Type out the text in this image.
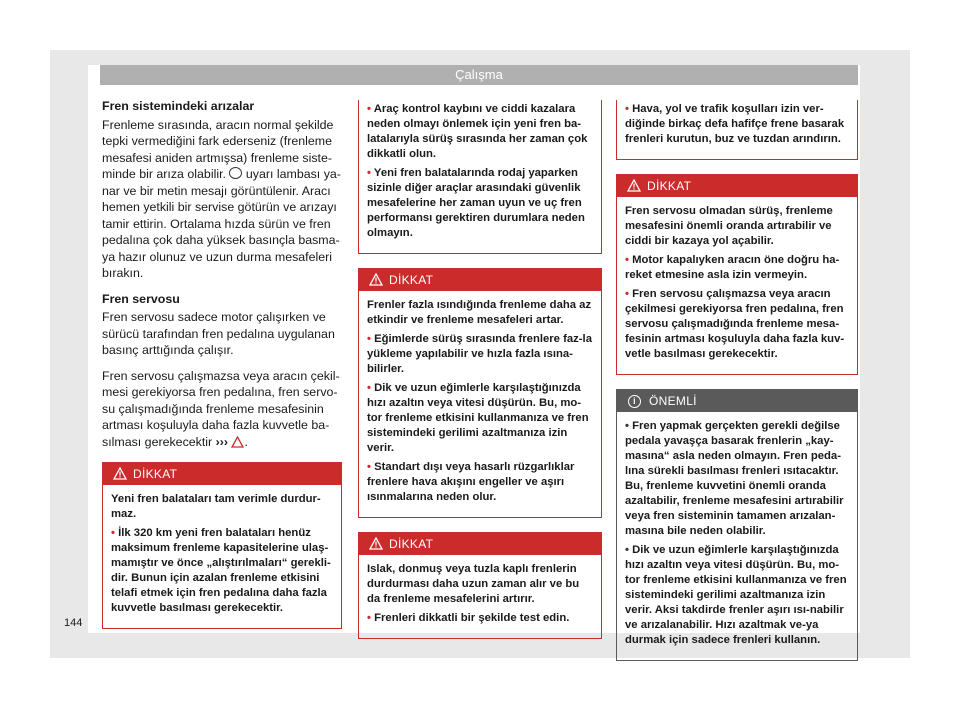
Çalışma
Fren sistemindeki arızalar

Frenleme sırasında, aracın normal şekilde tepki vermediğini fark ederseniz (frenleme mesafesi aniden artmışsa) frenleme siste-minde bir arıza olabilir. uyarı lambası ya-nar ve bir metin mesajı görüntülenir. Aracı hemen yetkili bir servise götürün ve arızayı tamir ettirin. Ortalama hızda sürün ve fren pedalına çok daha yüksek basınçla basma-ya hazır olunuz ve uzun durma mesafeleri bırakın.

Fren servosu

Fren servosu sadece motor çalışırken ve sürücü tarafından fren pedalına uygulanan basınç arttığında çalışır.

Fren servosu çalışmazsa veya aracın çekil-mesi gerekiyorsa fren pedalına, fren servo-su çalışmadığında frenleme mesafesinin artması koşuluyla daha fazla kuvvetle ba-sılması gerekecektir ››› .

DİKKAT

Yeni fren balataları tam verimle durdur-maz.

• İlk 320 km yeni fren balataları henüz maksimum frenleme kapasitelerine ulaş-mamıştır ve önce „alıştırılmaları“ gerekli-dir. Bunun için azalan frenleme etkisini telafi etmek için fren pedalına daha fazla kuvvetle basılması gerekecektir.

• Araç kontrol kaybını ve ciddi kazalara neden olmayı önlemek için yeni fren ba-latalarıyla sürüş sırasında her zaman çok dikkatli olun.

• Yeni fren balatalarında rodaj yaparken sizinle diğer araçlar arasındaki güvenlik mesafelerine her zaman uyun ve uç fren performansı gerektiren durumlara neden olmayın.

DİKKAT

Frenler fazla ısındığında frenleme daha az etkindir ve frenleme mesafeleri artar.

• Eğimlerde sürüş sırasında frenlere faz-la yükleme yapılabilir ve hızla fazla ısına-bilirler.

• Dik ve uzun eğimlerle karşılaştığınızda hızı azaltın veya vitesi düşürün. Bu, mo-tor frenleme etkisini kullanmanıza ve fren sistemindeki gerilimi azaltmanıza izin verir.

• Standart dışı veya hasarlı rüzgarlıklar frenlere hava akışını engeller ve aşırı ısınmalarına neden olur.

DİKKAT

Islak, donmuş veya tuzla kaplı frenlerin durdurması daha uzun zaman alır ve bu da frenleme mesafelerini artırır.

• Frenleri dikkatli bir şekilde test edin.

• Hava, yol ve trafik koşulları izin ver-diğinde birkaç defa hafifçe frene basarak frenleri kurutun, buz ve tuzdan arındırın.

DİKKAT

Fren servosu olmadan sürüş, frenleme mesafesini önemli oranda artırabilir ve ciddi bir kazaya yol açabilir.

• Motor kapalıyken aracın öne doğru ha-reket etmesine asla izin vermeyin.

• Fren servosu çalışmazsa veya aracın çekilmesi gerekiyorsa fren pedalına, fren servosu çalışmadığında frenleme mesa-fesinin artması koşuluyla daha fazla kuv-vetle basılması gerekecektir.

i	ÖNEMLİ

• Fren yapmak gerçekten gerekli değilse pedala yavaşça basarak frenlerin „kay-masına“ asla neden olmayın. Fren peda-lına sürekli basılması frenleri ısıtacaktır. Bu, frenleme kuvvetini önemli oranda azaltabilir, frenleme mesafesini artırabilir veya fren sisteminin tamamen arızalan-masına bile neden olabilir.

• Dik ve uzun eğimlerle karşılaştığınızda hızı azaltın veya vitesi düşürün. Bu, mo-tor frenleme etkisini kullanmanıza ve fren sistemindeki gerilimi azaltmanıza izin verir. Aksi takdirde frenler aşırı ısı-nabilir ve arızalanabilir. Hızı azaltmak ve-ya durmak için sadece frenleri kullanın.

144
